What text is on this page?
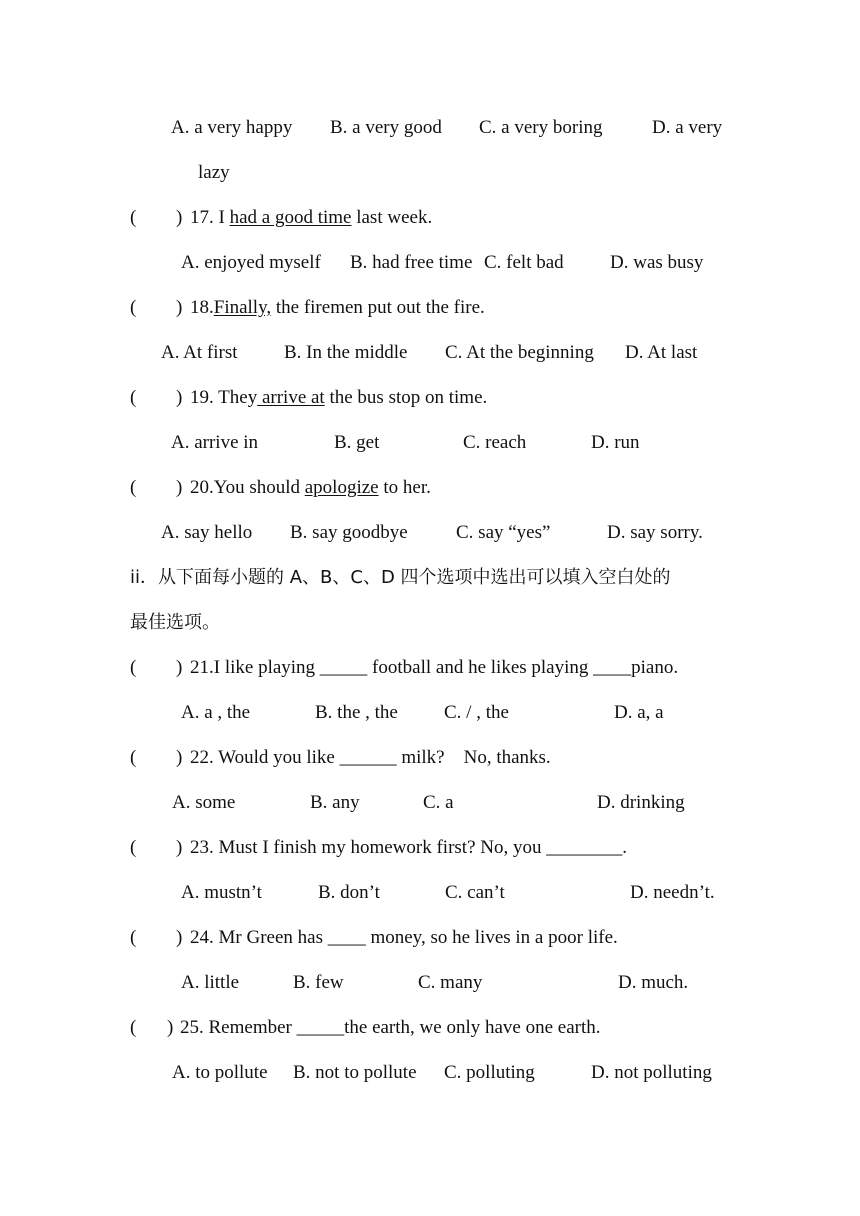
A. a very happy B. a very good C. a very boring	D. a very
lazy
( ) 17. I had a good time last week.
A. enjoyed myself B. had free time C. felt bad D. was busy
( ) 18.Finally, the firemen put out the fire.
A. At first B. In the middle C. At the beginning D. At last
( ) 19. They arrive at the bus stop on time.
A. arrive in	B. get	C. reach	D. run
( ) 20.You should apologize to her.
A. say hello B. say goodbye	C. say “yes”	D. say sorry.
ii．从下面每小题的 A、B、C、D 四个选项中选出可以填入空白处的
最佳选项。
( ) 21.I like playing _____ football and he likes playing ____piano.
A. a , the	B. the , the C. / , the	D. a, a
( ) 22. Would you like ______ milk?    No, thanks.
A. some	B. any	C. a	D. drinking
( ) 23. Must I finish my homework first? No, you ________.
A. mustn’t	B. don’t	C. can’t	D. needn’t.
( ) 24. Mr Green has ____ money, so he lives in a poor life.
A. little	B. few	C. many	D. much.
( ) 25. Remember _____the earth, we only have one earth.
A. to pollute B. not to pollute C. polluting	D. not polluting
